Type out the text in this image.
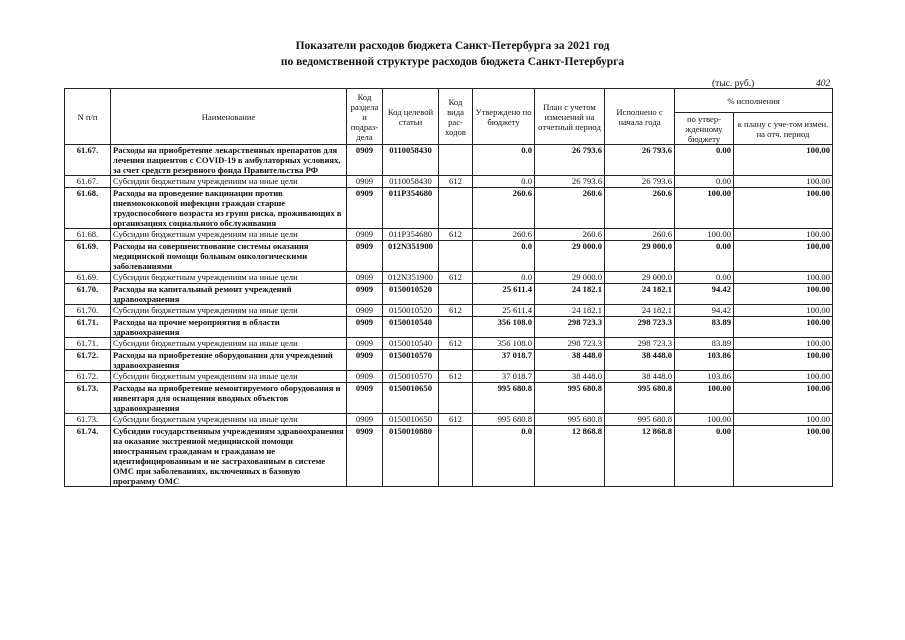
Показатели расходов бюджета Санкт-Петербурга за 2021 год
по ведомственной структуре расходов бюджета Санкт-Петербурга
(тыс. руб.)	402
N п/п	Наименование	Код раздела и подраз-дела	Код целевой статьи	Код вида рас-ходов	Утверждено по бюджету	План с учетом изменений на отчетный период	Исполнено с начала года	% исполнения	
								по утвер-жденному бюджету	к плану с уче-том измен. на отч. период
61.67.	Расходы на приобретение лекарственных препаратов для лечения пациентов с COVID-19 в амбулаторных условиях, за счет средств резервного фонда Правительства РФ	0909	0110058430		0.0	26 793.6	26 793.6	0.00	100.00
61.67.	Субсидии бюджетным учреждениям на иные цели	0909	0110058430	612	0.0	26 793.6	26 793.6	0.00	100.00
61.68.	Расходы на проведение вакцинации против пневмококковой инфекции граждан старше трудоспособного возраста из групп риска, проживающих в организациях социального обслуживания	0909	011P354680		260.6	260.6	260.6	100.00	100.00
61.68.	Субсидии бюджетным учреждениям на иные цели	0909	011P354680	612	260.6	260.6	260.6	100.00	100.00
61.69.	Расходы на совершенствование системы оказания медицинской помощи больным онкологическими заболеваниями	0909	012N351900		0.0	29 000.0	29 000.0	0.00	100.00
61.69.	Субсидии бюджетным учреждениям на иные цели	0909	012N351900	612	0.0	29 000.0	29 000.0	0.00	100.00
61.70.	Расходы на капитальный ремонт учреждений здравоохранения	0909	0150010520		25 611.4	24 182.1	24 182.1	94.42	100.00
61.70.	Субсидии бюджетным учреждениям на иные цели	0909	0150010520	612	25 611.4	24 182.1	24 182.1	94.42	100.00
61.71.	Расходы на прочие мероприятия в области здравоохранения	0909	0150010540		356 108.0	298 723.3	298 723.3	83.89	100.00
61.71.	Субсидии бюджетным учреждениям на иные цели	0909	0150010540	612	356 108.0	298 723.3	298 723.3	83.89	100.00
61.72.	Расходы на приобретение оборудования для учреждений здравоохранения	0909	0150010570		37 018.7	38 448.0	38 448.0	103.86	100.00
61.72.	Субсидии бюджетным учреждениям на иные цели	0909	0150010570	612	37 018.7	38 448.0	38 448.0	103.86	100.00
61.73.	Расходы на приобретение немонтируемого оборудования и инвентаря для оснащения вводных объектов здравоохранения	0909	0150010650		995 680.8	995 680.8	995 680.8	100.00	100.00
61.73.	Субсидии бюджетным учреждениям на иные цели	0909	0150010650	612	995 680.8	995 680.8	995 680.8	100.00	100.00
61.74.	Субсидии государственным учреждениям здравоохранения на оказание экстренной медицинской помощи иностранным гражданам и гражданам не идентифицированным и не застрахованным в системе ОМС при заболеваниях, включенных в базовую программу ОМС	0909	0150010880		0.0	12 868.8	12 868.8	0.00	100.00
